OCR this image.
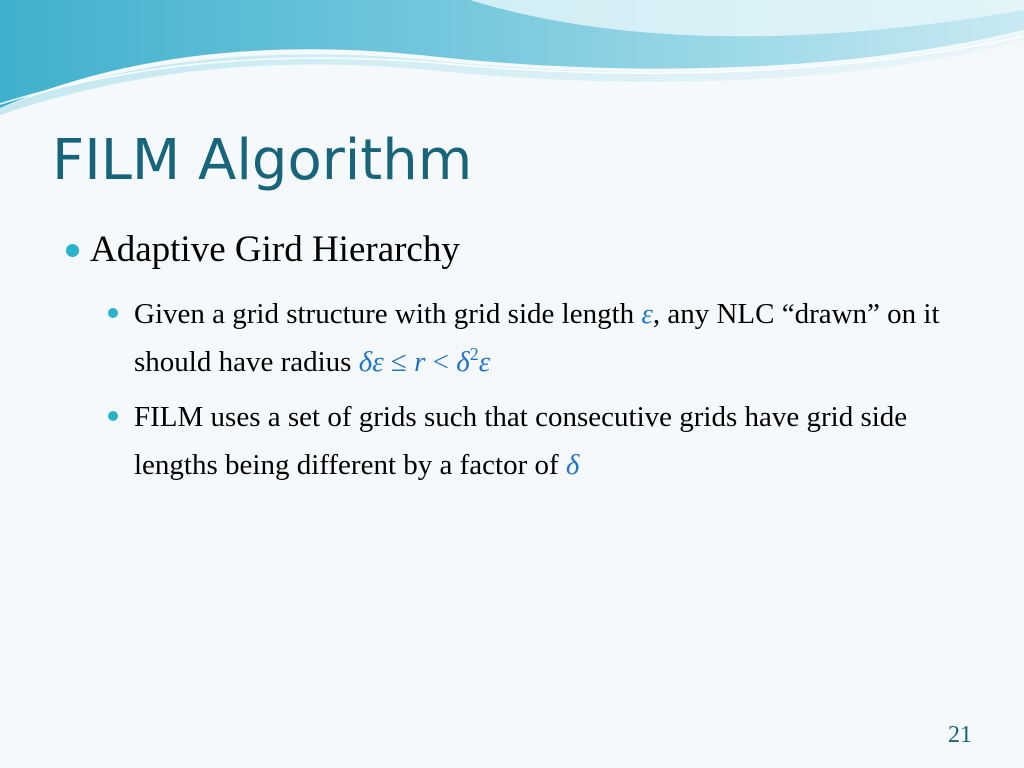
FILM Algorithm
Adaptive Gird Hierarchy
Given a grid structure with grid side length ε, any NLC “drawn” on it should have radius $\delta\varepsilon \le r < \delta^2\varepsilon$
FILM uses a set of grids such that consecutive grids have grid side lengths being different by a factor of δ
21
